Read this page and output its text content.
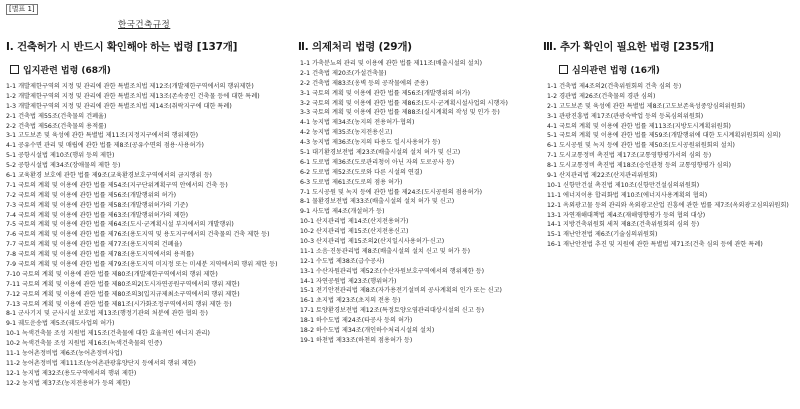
[별표 1]
한국건축규정
Ⅰ. 건축허가 시 반드시 확인해야 하는 법령 [137개]
입지관련 법령 (68개)
1-1 개발제한구역의 지정 및 관리에 관한 특별조치법 제12조(개발제한구역에서의 행위제한)
1-2 개발제한구역의 지정 및 관리에 관한 특별조치법 제13조(존속중인 건축물 등에 대한 특례)
1-3 개발제한구역의 지정 및 관리에 관한 특별조치법 제14조(취락지구에 대한 특례)
2-1 건축법 제55조(건축물의 건폐율)
2-2 건축법 제56조(건축물의 용적률)
3-1 고도보존 및 육성에 관한 특별법 제11조(지정지구에서의 행위제한)
4-1 공유수면 관리 및 매립에 관한 법률 제8조(공유수면의 점용·사용허가)
5-1 공항시설법 제10조(행위 등의 제한)
5-2 공항시설법 제34조(장애물의 제한 등)
6-1 교육환경 보호에 관한 법률 제9조(교육환경보호구역에서의 금지행위 등)
7-1 국토의 계획 및 이용에 관한 법률 제54조(지구단위계획구역 안에서의 건축 등)
7-2 국토의 계획 및 이용에 관한 법률 제56조(개발행위의 허가)
7-3 국토의 계획 및 이용에 관한 법률 제58조(개발행위허가의 기준)
7-4 국토의 계획 및 이용에 관한 법률 제63조(개발행위허가의 제한)
7-5 국토의 계획 및 이용에 관한 법률 제64조(도시·군계획시설 부지에서의 개발행위)
7-6 국토의 계획 및 이용에 관한 법률 제76조(용도지역 및 용도지구에서의 건축물의 건축 제한 등)
7-7 국토의 계획 및 이용에 관한 법률 제77조(용도지역의 건폐율)
7-8 국토의 계획 및 이용에 관한 법률 제78조(용도지역에서의 용적률)
7-9 국토의 계획 및 이용에 관한 법률 제79조(용도지역 미지정 또는 미세분 지역에서의 행위 제한 등)
7-10 국토의 계획 및 이용에 관한 법률 제80조(개발제한구역에서의 행위 제한)
7-11 국토의 계획 및 이용에 관한 법률 제80조의2(도시자연공원구역에서의 행위 제한)
7-12 국토의 계획 및 이용에 관한 법률 제80조의3(입지규제최소구역에서의 행위 제한)
7-13 국토의 계획 및 이용에 관한 법률 제81조(시가화조정구역에서의 행위 제한 등)
8-1 군사기지 및 군사시설 보호법 제13조(행정기관의 처분에 관한 협의 등)
9-1 궤도운송법 제5조(궤도사업의 허가)
10-1 녹색건축물 조성 지원법 제15조(건축물에 대한 효율적인 에너지 관리)
10-2 녹색건축물 조성 지원법 제16조(녹색건축물의 인증)
11-1 농어촌정비법 제6조(농어촌정비사업)
11-2 농어촌정비법 제111조(농어촌관광휴양단지 등에서의 행위 제한)
12-1 농지법 제32조(용도구역에서의 행위 제한)
12-2 농지법 제37조(농지전용허가 등의 제한)
Ⅱ. 의제처리 법령 (29개)
1-1 가축분뇨의 관리 및 이용에 관한 법률 제11조(배출시설의 설치)
2-1 건축법 제20조(가설건축물)
2-2 건축법 제83조(옹벽 등의 공작물에의 준용)
3-1 국토의 계획 및 이용에 관한 법률 제56조(개발행위의 허가)
3-2 국토의 계획 및 이용에 관한 법률 제86조(도시·군계획시설사업의 시행자)
3-3 국토의 계획 및 이용에 관한 법률 제88조(실시계획의 작성 및 인가 등)
4-1 농지법 제34조(농지의 전용허가·협의)
4-2 농지법 제35조(농지전용신고)
4-3 농지법 제36조(농지의 타용도 일시사용허가 등)
5-1 대기환경보전법 제23조(배출시설의 설치 허가 및 신고)
6-1 도로법 제36조(도로관리청이 아닌 자의 도로공사 등)
6-2 도로법 제52조(도로와 다른 시설의 연결)
6-3 도로법 제61조(도로의 점용 허가)
7-1 도시공원 및 녹지 등에 관한 법률 제24조(도시공원의 점용허가)
8-1 물환경보전법 제33조(배출시설의 설치 허가 및 신고)
9-1 사도법 제4조(개설허가 등)
10-1 산지관리법 제14조(산지전용허가)
10-2 산지관리법 제15조(산지전용신고)
10-3 산지관리법 제15조의2(산지일시사용허가·신고)
11-1 소음·진동관리법 제8조(배출시설의 설치 신고 및 허가 등)
12-1 수도법 제38조(급수공사)
13-1 수산자원관리법 제52조(수산자원보호구역에서의 행위제한 등)
14-1 자연공원법 제23조(행위허가)
15-1 전기안전관리법 제8조(자가용전기설비의 공사계획의 인가 또는 신고)
16-1 초지법 제23조(초지의 전용 등)
17-1 토양환경보전법 제12조(특정토양오염관리대상시설의 신고 등)
18-1 하수도법 제24조(타공사 등의 허가)
18-2 하수도법 제34조(개인하수처리시설의 설치)
19-1 하천법 제33조(하천의 점용허가 등)
Ⅲ. 추가 확인이 필요한 법령 [235개]
심의관련 법령 (16개)
1-1 건축법 제4조의2(건축위원회의 건축 심의 등)
1-2 경관법 제26조(건축물의 경관 심의)
2-1 고도보존 및 육성에 관한 특별법 제8조(고도보존육성중앙심의위원회)
3-1 관광진흥법 제17조(관광숙박업 등의 등록심의위원회)
4-1 국토의 계획 및 이용에 관한 법률 제113조(지방도시계획위원회)
5-1 국토의 계획 및 이용에 관한 법률 제59조(개발행위에 대한 도시계획위원회의 심의)
6-1 도시공원 및 녹지 등에 관한 법률 제50조(도시공원위원회의 설치)
7-1 도시교통정비 촉진법 제17조(교통영향평가서의 심의 등)
8-1 도시교통정비 촉진법 제18조(승인관청 등의 교통영향평가 심의)
9-1 산지관리법 제22조(산지관리위원회)
10-1 신항만건설 촉진법 제10조(신항만건설심의위원회)
11-1 에너지이용 합리화법 제10조(에너지사용계획의 협의)
12-1 옥외광고물 등의 관리와 옥외광고산업 진흥에 관한 법률 제7조(옥외광고심의위원회)
13-1 자연재해대책법 제4조(재해영향평가 등의 협의 대상)
14-1 지방건축위원회 세칙 제8조(건축위원회의 심의 등)
15-1 재난안전법 제6조(기술심의위원회)
16-1 재난안전법 추진 및 지원에 관한 특별법 제71조(건축 심의 등에 관한 특례)
